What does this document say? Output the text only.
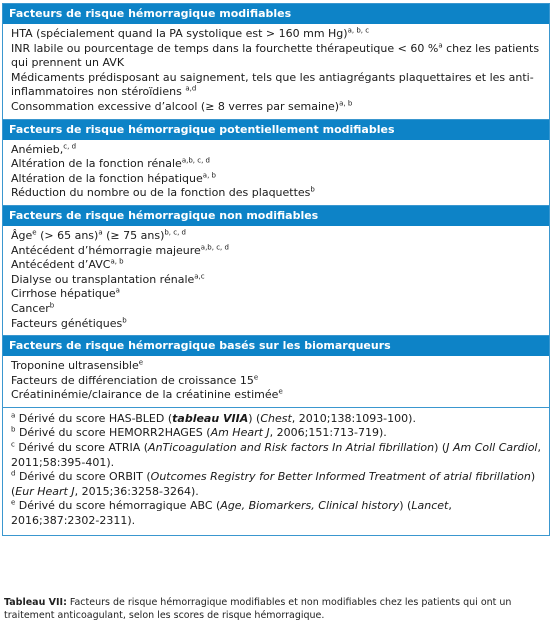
Facteurs de risque hémorragique modifiables
HTA (spécialement quand la PA systolique est > 160 mm Hg)$^{a, b, c}$
INR labile ou pourcentage de temps dans la fourchette thérapeutique < 60 %$^a$ chez les patients qui prennent un AVK
Médicaments prédisposant au saignement, tels que les antiagrégants plaquettaires et les anti-inflammatoires non stéroïdiens $^{a,d}$
Consommation excessive d’alcool (≥ 8 verres par semaine)$^{a, b}$
Facteurs de risque hémorragique potentiellement modifiables
Anémieb,$^{c, d}$
Altération de la fonction rénale$^{a,b, c, d}$
Altération de la fonction hépatique$^{a, b}$
Réduction du nombre ou de la fonction des plaquettes$^b$
Facteurs de risque hémorragique non modifiables
Âge$^e$ (> 65 ans)$^a$ (≥ 75 ans)$^{b, c, d}$
Antécédent d’hémorragie majeure$^{a,b, c, d}$
Antécédent d’AVC$^{a, b}$
Dialyse ou transplantation rénale$^{a,c}$
Cirrhose hépatique$^a$
Cancer$^b$
Facteurs génétiques$^b$
Facteurs de risque hémorragique basés sur les biomarqueurs
Troponine ultrasensible$^e$
Facteurs de différenciation de croissance 15e
Créatininémie/clairance de la créatinine estimée$^e$
$^a$ Dérivé du score HAS-BLED (tableau VIIA) (Chest, 2010;138:1093-100).
$^b$ Dérivé du score HEMORR2HAGES (Am Heart J, 2006;151:713-719).
$^c$ Dérivé du score ATRIA (AnTicoagulation and Risk factors In Atrial fibrillation) (J Am Coll Cardiol, 2011;58:395-401).
$^d$ Dérivé du score ORBIT (Outcomes Registry for Better Informed Treatment of atrial fibrillation) (Eur Heart J, 2015;36:3258-3264).
$^e$ Dérivé du score hémorragique ABC (Age, Biomarkers, Clinical history) (Lancet, 2016;387:2302-2311).
Tableau VII: Facteurs de risque hémorragique modifiables et non modifiables chez les patients qui ont un traitement anticoagulant, selon les scores de risque hémorragique.
